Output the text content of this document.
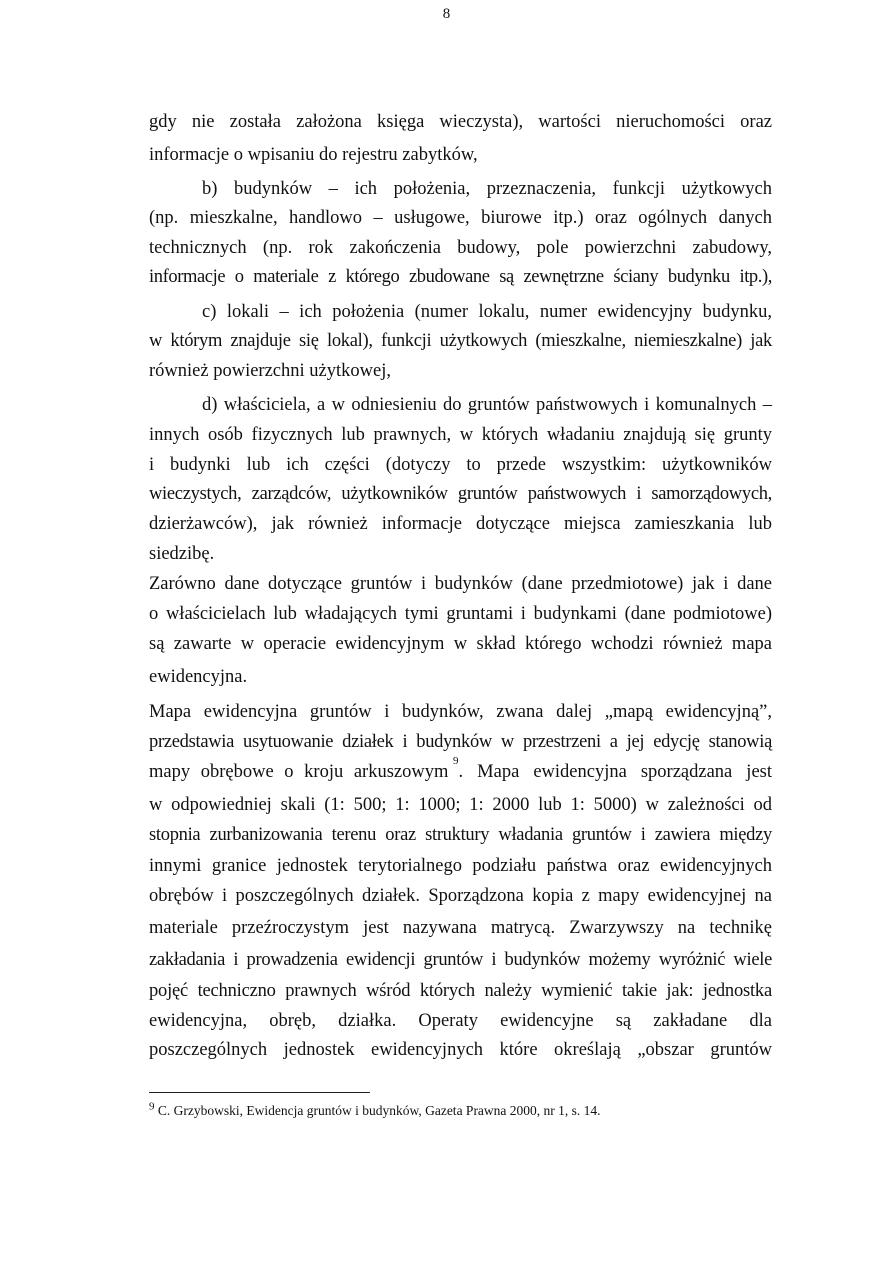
8
gdy nie została założona księga wieczysta), wartości nieruchomości oraz
informacje o wpisaniu do rejestru zabytków,
b) budynków – ich położenia, przeznaczenia, funkcji użytkowych
(np. mieszkalne, handlowo – usługowe, biurowe itp.) oraz ogólnych danych
technicznych (np. rok zakończenia budowy, pole powierzchni zabudowy,
informacje o materiale z którego zbudowane są zewnętrzne ściany budynku itp.),
c) lokali – ich położenia (numer lokalu, numer ewidencyjny budynku,
w którym znajduje się lokal), funkcji użytkowych (mieszkalne, niemieszkalne) jak
również powierzchni użytkowej,
d) właściciela, a w odniesieniu do gruntów państwowych i komunalnych –
innych osób fizycznych lub prawnych, w których władaniu znajdują się grunty
i budynki lub ich części (dotyczy to przede wszystkim: użytkowników
wieczystych, zarządców, użytkowników gruntów państwowych i samorządowych,
dzierżawców), jak również informacje dotyczące miejsca zamieszkania lub
siedzibę.
Zarówno dane dotyczące gruntów i budynków (dane przedmiotowe) jak i dane
o właścicielach lub władających tymi gruntami i budynkami (dane podmiotowe)
są zawarte w operacie ewidencyjnym w skład którego wchodzi również mapa
ewidencyjna.
Mapa ewidencyjna gruntów i budynków, zwana dalej „mapą ewidencyjną”,
przedstawia usytuowanie działek i budynków w przestrzeni a jej edycję stanowią
mapy obrębowe o kroju arkuszowym

9
. Mapa ewidencyjna sporządzana jest
w odpowiedniej skali (1: 500; 1: 1000; 1: 2000 lub 1: 5000) w zależności od
stopnia zurbanizowania terenu oraz struktury władania gruntów i zawiera między
innymi granice jednostek terytorialnego podziału państwa oraz ewidencyjnych
obrębów i poszczególnych działek. Sporządzona kopia z mapy ewidencyjnej na
materiale przeźroczystym jest nazywana matrycą. Zwarzywszy na technikę
zakładania i prowadzenia ewidencji gruntów i budynków możemy wyróżnić wiele
pojęć techniczno prawnych wśród których należy wymienić takie jak: jednostka
ewidencyjna, obręb, działka. Operaty ewidencyjne są zakładane dla
poszczególnych jednostek ewidencyjnych które określają „obszar gruntów
$^9$ C. Grzybowski, Ewidencja gruntów i budynków, Gazeta Prawna 2000, nr 1, s. 14.
